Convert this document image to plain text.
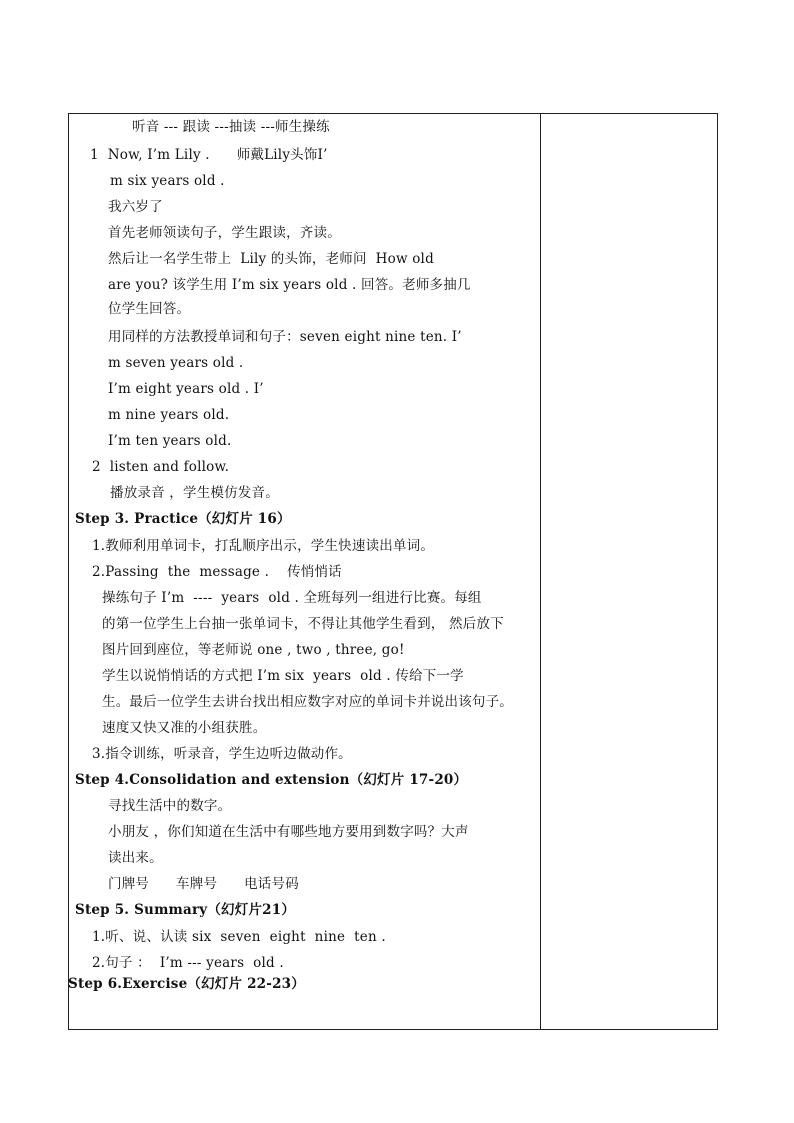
听音 --- 跟读 ---抽读 ---师生操练
1  Now, I’m Lily .      师戴Lily头饰I’
m six years old .
我六岁了
首先老师领读句子，学生跟读，齐读。
然后让一名学生带上  Lily 的头饰，老师问  How old
are you? 该学生用 I’m six years old . 回答。老师多抽几
位学生回答。
用同样的方法教授单词和句子：seven eight nine ten. I’
m seven years old .
I’m eight years old . I’
m nine years old.
I’m ten years old.
2  listen and follow.
播放录音 ，学生模仿发音。
Step 3. Practice（幻灯片 16）
1.教师利用单词卡，打乱顺序出示，学生快速读出单词。
2.Passing  the  message .    传悄悄话
操练句子 I’m  ----  years  old . 全班每列一组进行比赛。每组
的第一位学生上台抽一张单词卡，不得让其他学生看到， 然后放下
图片回到座位，等老师说 one , two , three, go!
学生以说悄悄话的方式把 I’m six  years  old . 传给下一学
生。最后一位学生去讲台找出相应数字对应的单词卡并说出该句子。
速度又快又准的小组获胜。
3.指令训练，听录音，学生边听边做动作。
Step 4.Consolidation and extension（幻灯片 17-20）
寻找生活中的数字。
小朋友 ，你们知道在生活中有哪些地方要用到数字吗？大声
读出来。
门牌号      车牌号      电话号码
Step 5. Summary（幻灯片21）
1.听、说、认读 six  seven  eight  nine  ten .
2.句子 ：  I’m --- years  old .
Step 6.Exercise（幻灯片 22-23）
